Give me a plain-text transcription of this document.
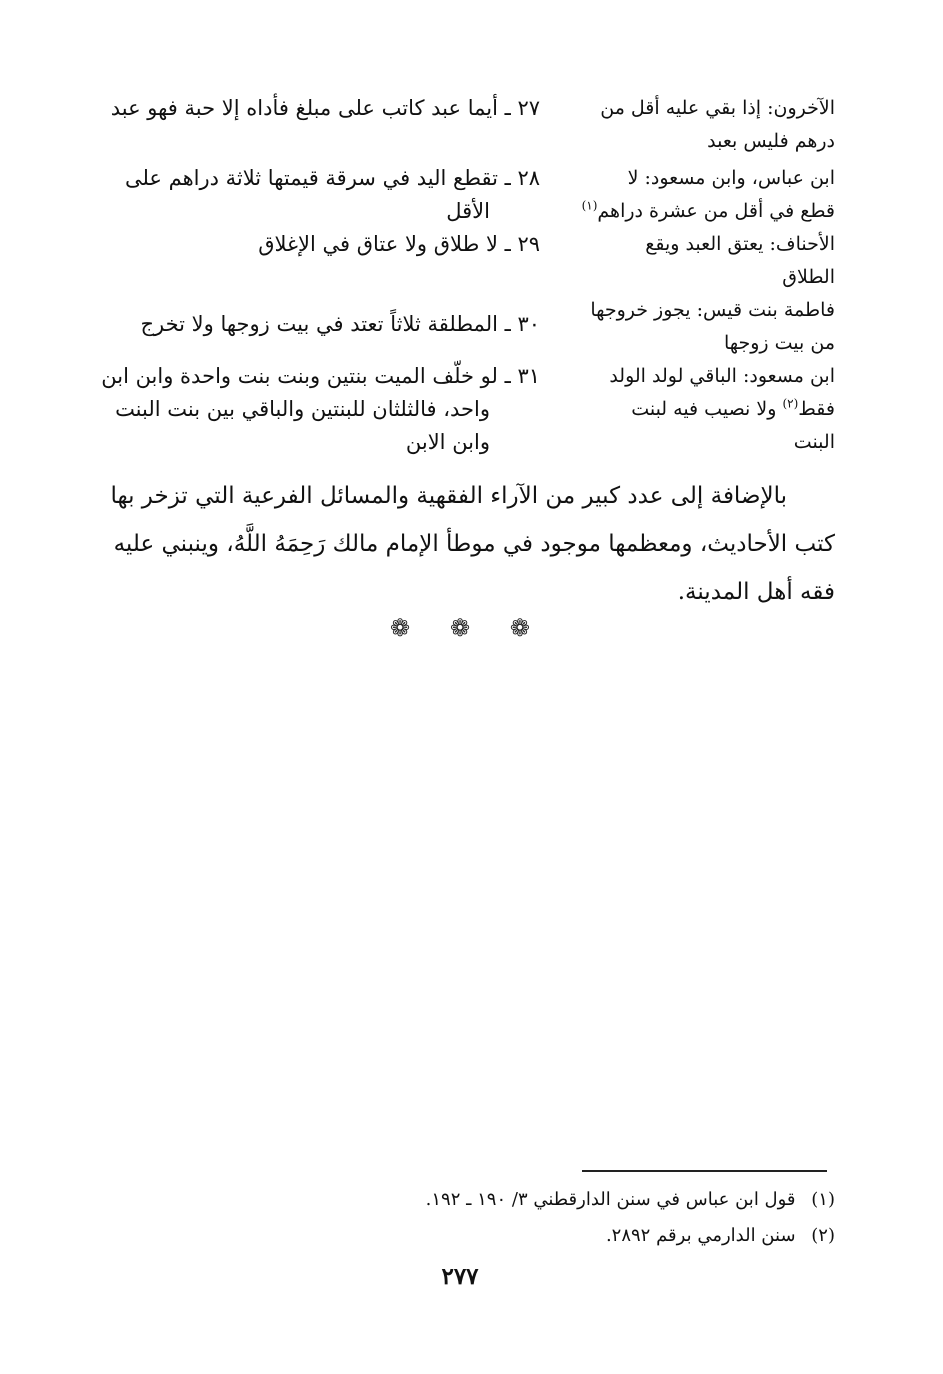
٢٧ ـ أيما عبد كاتب على مبلغ فأداه إلا حبة فهو عبد	الآخرون: إذا بقي عليه أقل من
درهم فليس بعبد
٢٨ ـ تقطع اليد في سرقة قيمتها ثلاثة دراهم على
الأقل
ابن عباس، وابن مسعود: لا
قطع في أقل من عشرة دراهم$^{(١)}$
٢٩ ـ لا طلاق ولا عتاق في الإغلاق	الأحناف: يعتق العبد ويقع
الطلاق
٣٠ ـ المطلقة ثلاثاً تعتد في بيت زوجها ولا تخرج
فاطمة بنت قيس: يجوز خروجها
من بيت زوجها
٣١ ـ لو خلّف الميت بنتين وبنت بنت واحدة وابن ابن
واحد، فالثلثان للبنتين والباقي بين بنت البنت
وابن الابن
ابن مسعود: الباقي لولد الولد
فقط$^{(٢)}$ ولا نصيب فيه لبنت
البنت
بالإضافة إلى عدد كبير من الآراء الفقهية والمسائل الفرعية التي تزخر بها
كتب الأحاديث، ومعظمها موجود في موطأ الإمام مالك رَحِمَهُ اللَّهُ، وينبني عليه
فقه أهل المدينة.
❁ ❁ ❁
(١) قول ابن عباس في سنن الدارقطني ٣/ ١٩٠ ـ ١٩٢.
(٢) سنن الدارمي برقم ٢٨٩٢.
٢٧٧
